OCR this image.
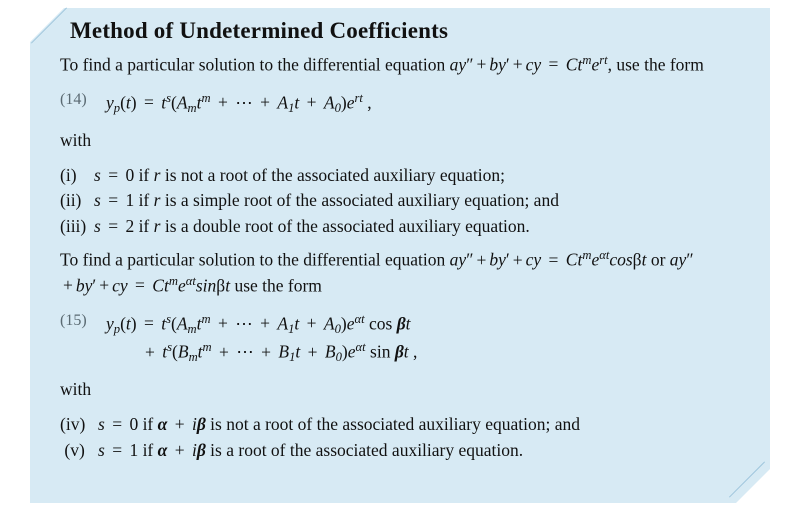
Method of Undetermined Coefficients

To find a particular solution to the differential equation ay″ + by′ + cy = $Ct^me^{rt}$, use the form

(14)	$y_p(t) = t^s(A_mt^m$ + ⋯ + $A_1t + A_0)e^{rt}$ ,

with

(i) s = 0 if r is not a root of the associated auxiliary equation;
(ii) s = 1 if r is a simple root of the associated auxiliary equation; and
(iii) s = 2 if r is a double root of the associated auxiliary equation.

To find a particular solution to the differential equation ay″ + by′ + cy = $Ct^me^{\alpha t}\cos\beta t$ or ay″+ by′ + cy = $Ct^me^{\alpha t}\sin\beta t$ use the form

(15)	$y_p(t) = t^s(A_mt^m$ + ⋯ + $A_1t + A_0)e^{\alpha t}$ cos βt
+ $t^s(B_mt^m$ + ⋯ + $B_1t + B_0)e^{\alpha t}$ sin βt ,

with

(iv) s = 0 if α + iβ is not a root of the associated auxiliary equation; and
(v) s = 1 if α + iβ is a root of the associated auxiliary equation.
